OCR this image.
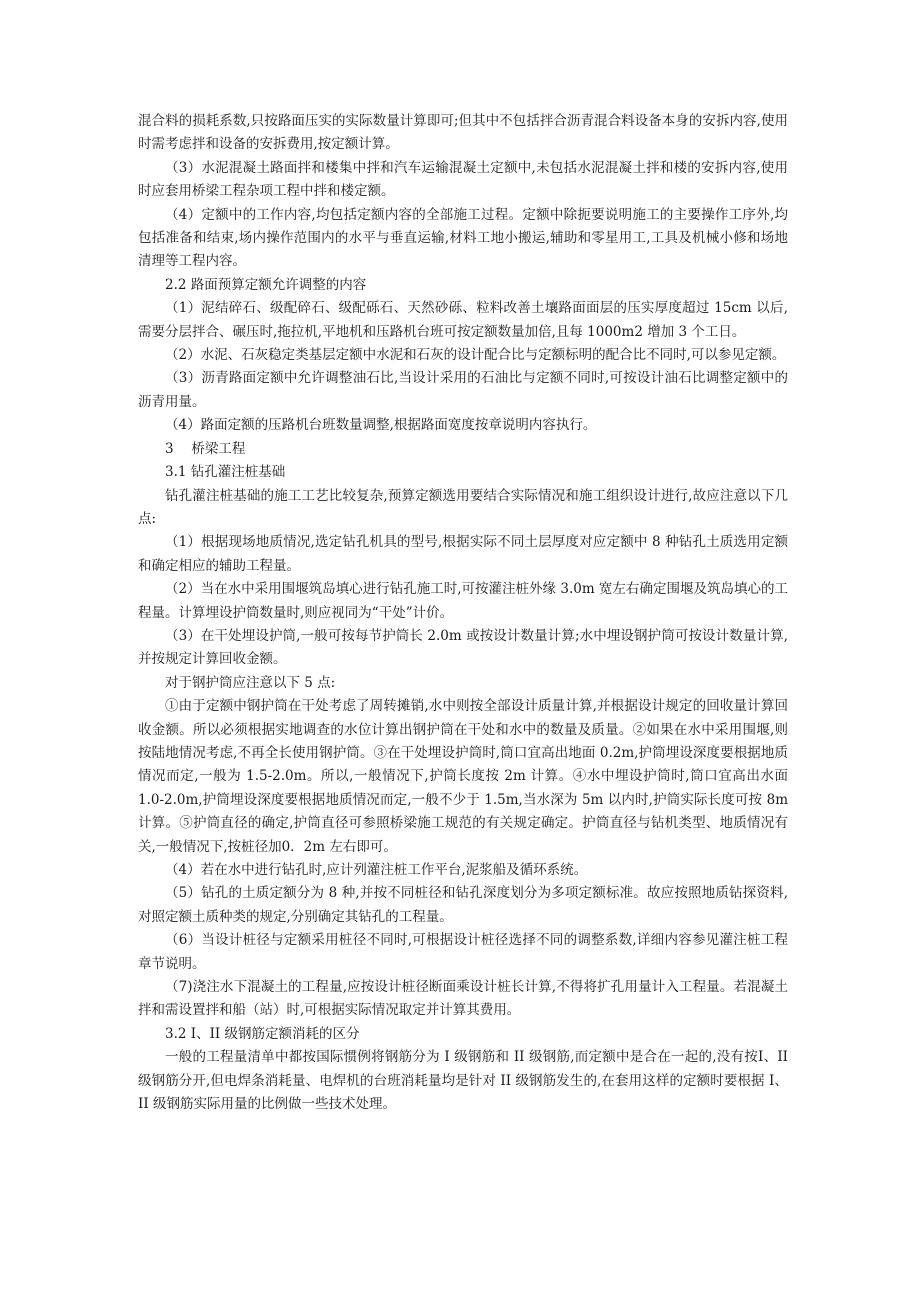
混合料的损耗系数,只按路面压实的实际数量计算即可;但其中不包括拌合沥青混合料设备本身的安拆内容,使用时需考虑拌和设备的安拆费用,按定额计算。

（3）水泥混凝土路面拌和楼集中拌和汽车运输混凝土定额中,未包括水泥混凝土拌和楼的安拆内容,使用时应套用桥梁工程杂项工程中拌和楼定额。

（4）定额中的工作内容,均包括定额内容的全部施工过程。定额中除扼要说明施工的主要操作工序外,均包括准备和结束,场内操作范围内的水平与垂直运输,材料工地小搬运,辅助和零星用工,工具及机械小修和场地清理等工程内容。

2.2 路面预算定额允许调整的内容

（1）泥结碎石、级配碎石、级配砾石、天然砂砾、粒料改善土壤路面面层的压实厚度超过 15cm 以后,需要分层拌合、碾压时,拖拉机,平地机和压路机台班可按定额数量加倍,且每 1000m2 增加 3 个工日。

（2）水泥、石灰稳定类基层定额中水泥和石灰的设计配合比与定额标明的配合比不同时,可以参见定额。

（3）沥青路面定额中允许调整油石比,当设计采用的石油比与定额不同时,可按设计油石比调整定额中的沥青用量。

（4）路面定额的压路机台班数量调整,根据路面宽度按章说明内容执行。

3　 桥梁工程

3.1 钻孔灌注桩基础

钻孔灌注桩基础的施工工艺比较复杂,预算定额选用要结合实际情况和施工组织设计进行,故应注意以下几点:

（1）根据现场地质情况,选定钻孔机具的型号,根据实际不同土层厚度对应定额中 8 种钻孔土质选用定额和确定相应的辅助工程量。

（2）当在水中采用围堰筑岛填心进行钻孔施工时,可按灌注桩外缘 3.0m 宽左右确定围堰及筑岛填心的工程量。计算埋设护筒数量时,则应视同为“干处”计价。

（3）在干处埋设护筒,一般可按每节护筒长 2.0m 或按设计数量计算;水中埋设钢护筒可按设计数量计算,并按规定计算回收金额。

对于钢护筒应注意以下 5 点:

①由于定额中钢护筒在干处考虑了周转摊销,水中则按全部设计质量计算,并根据设计规定的回收量计算回收金额。所以必须根据实地调查的水位计算出钢护筒在干处和水中的数量及质量。②如果在水中采用围堰,则按陆地情况考虑,不再全长使用钢护筒。③在干处埋设护筒时,筒口宜高出地面 0.2m,护筒埋设深度要根据地质情况而定,一般为 1.5-2.0m。所以,一般情况下,护筒长度按 2m 计算。④水中埋设护筒时,筒口宜高出水面 1.0-2.0m,护筒埋设深度要根据地质情况而定,一般不少于 1.5m,当水深为 5m 以内时,护筒实际长度可按 8m 计算。⑤护筒直径的确定,护筒直径可参照桥梁施工规范的有关规定确定。护筒直径与钻机类型、地质情况有关,一般情况下,按桩径加0．2m 左右即可。

（4）若在水中进行钻孔时,应计列灌注桩工作平台,泥浆船及循环系统。

（5）钻孔的土质定额分为 8 种,并按不同桩径和钻孔深度划分为多项定额标准。故应按照地质钻探资料,对照定额土质种类的规定,分别确定其钻孔的工程量。

（6）当设计桩径与定额采用桩径不同时,可根据设计桩径选择不同的调整系数,详细内容参见灌注桩工程章节说明。

（7)浇注水下混凝土的工程量,应按设计桩径断面乘设计桩长计算,不得将扩孔用量计入工程量。若混凝土拌和需设置拌和船（站）时,可根据实际情况取定并计算其费用。

3.2 I、II 级钢筋定额消耗的区分

一般的工程量清单中都按国际惯例将钢筋分为 I 级钢筋和 II 级钢筋,而定额中是合在一起的,没有按I、II 级钢筋分开,但电焊条消耗量、电焊机的台班消耗量均是针对 II 级钢筋发生的,在套用这样的定额时要根据 I、II 级钢筋实际用量的比例做一些技术处理。
